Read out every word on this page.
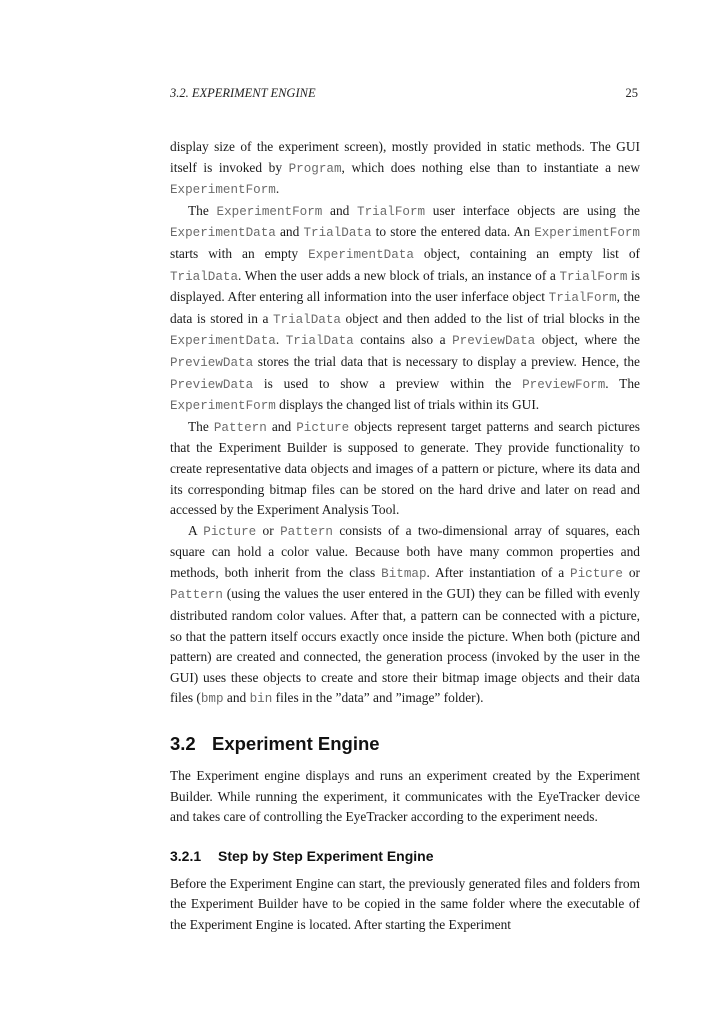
3.2. EXPERIMENT ENGINE	25

display size of the experiment screen), mostly provided in static methods. The GUI itself is invoked by Program, which does nothing else than to instantiate a new ExperimentForm.

The ExperimentForm and TrialForm user interface objects are using the ExperimentData and TrialData to store the entered data. An ExperimentForm starts with an empty ExperimentData object, containing an empty list of TrialData. When the user adds a new block of trials, an instance of a TrialForm is displayed. After entering all information into the user inferface object TrialForm, the data is stored in a TrialData object and then added to the list of trial blocks in the ExperimentData. TrialData contains also a PreviewData object, where the PreviewData stores the trial data that is necessary to display a preview. Hence, the PreviewData is used to show a preview within the PreviewForm. The ExperimentForm displays the changed list of trials within its GUI.

The Pattern and Picture objects represent target patterns and search pictures that the Experiment Builder is supposed to generate. They provide functionality to create representative data objects and images of a pattern or picture, where its data and its corresponding bitmap files can be stored on the hard drive and later on read and accessed by the Experiment Analysis Tool.

A Picture or Pattern consists of a two-dimensional array of squares, each square can hold a color value. Because both have many common properties and methods, both inherit from the class Bitmap. After instantiation of a Picture or Pattern (using the values the user entered in the GUI) they can be filled with evenly distributed random color values. After that, a pattern can be connected with a picture, so that the pattern itself occurs exactly once inside the picture. When both (picture and pattern) are created and connected, the generation process (invoked by the user in the GUI) uses these objects to create and store their bitmap image objects and their data files (bmp and bin files in the ”data” and ”image” folder).

3.2 Experiment Engine

The Experiment engine displays and runs an experiment created by the Experiment Builder. While running the experiment, it communicates with the EyeTracker device and takes care of controlling the EyeTracker according to the experiment needs.

3.2.1 Step by Step Experiment Engine

Before the Experiment Engine can start, the previously generated files and folders from the Experiment Builder have to be copied in the same folder where the executable of the Experiment Engine is located. After starting the Experiment
